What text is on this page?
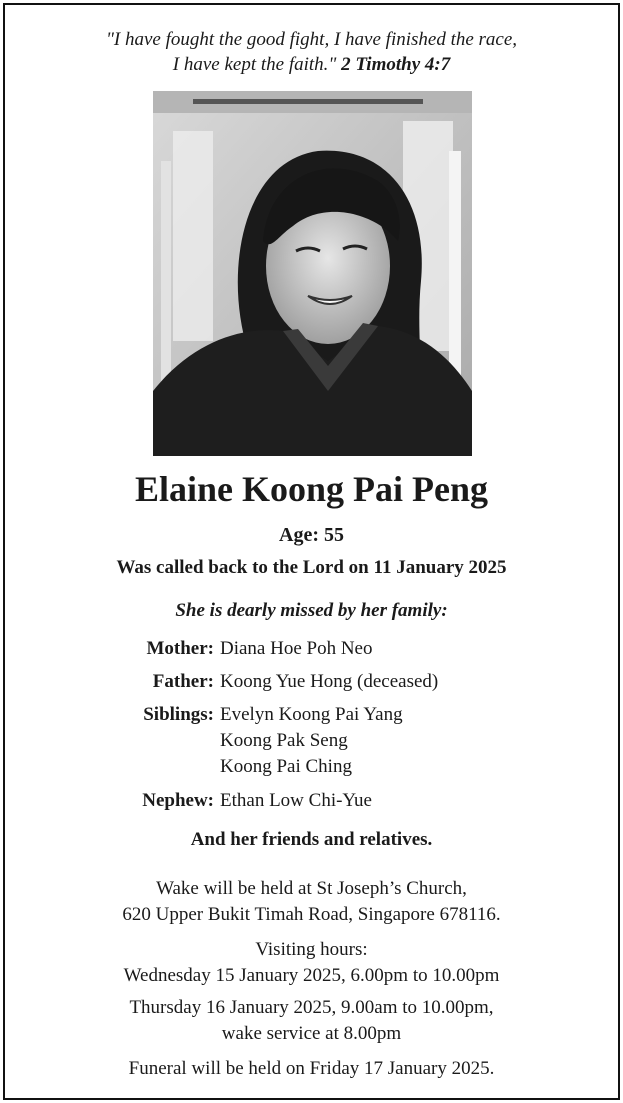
"I have fought the good fight, I have finished the race,
I have kept the faith." 2 Timothy 4:7
Elaine Koong Pai Peng
Age: 55
Was called back to the Lord on 11 January 2025
She is dearly missed by her family:
Mother: Diana Hoe Poh Neo
Father: Koong Yue Hong (deceased)
Siblings: Evelyn Koong Pai Yang
Koong Pak Seng
Koong Pai Ching
Nephew: Ethan Low Chi-Yue
And her friends and relatives.
Wake will be held at St Joseph’s Church,
620 Upper Bukit Timah Road, Singapore 678116.
Visiting hours:
Wednesday 15 January 2025, 6.00pm to 10.00pm
Thursday 16 January 2025, 9.00am to 10.00pm,
wake service at 8.00pm
Funeral will be held on Friday 17 January 2025.
